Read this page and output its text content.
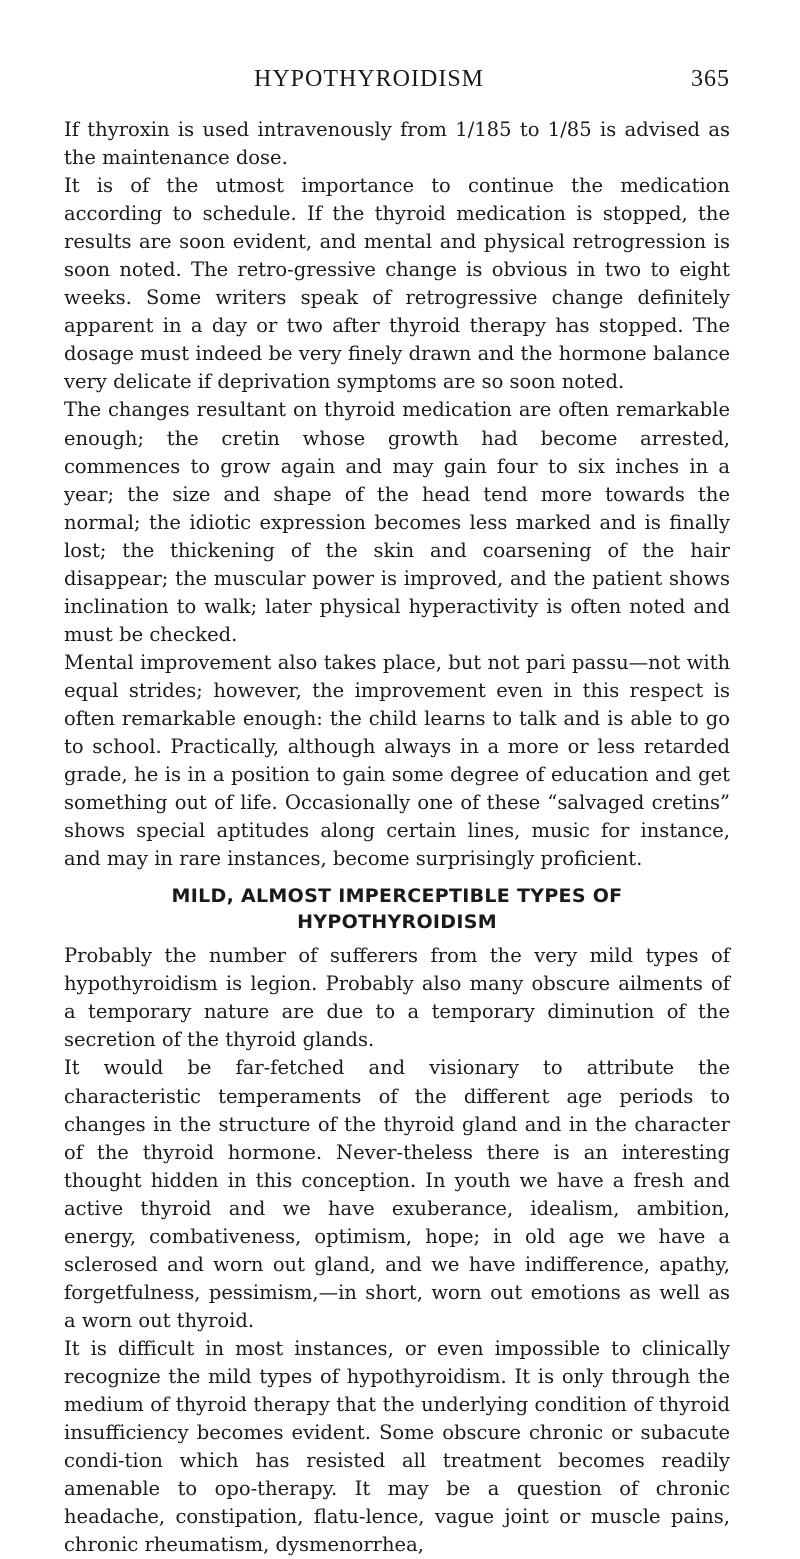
HYPOTHYROIDISM	365

If thyroxin is used intravenously from 1/185 to 1/85 is advised as the maintenance dose.

It is of the utmost importance to continue the medication according to schedule. If the thyroid medication is stopped, the results are soon evident, and mental and physical retrogression is soon noted. The retro-gressive change is obvious in two to eight weeks. Some writers speak of retrogressive change definitely apparent in a day or two after thyroid therapy has stopped. The dosage must indeed be very finely drawn and the hormone balance very delicate if deprivation symptoms are so soon noted.

The changes resultant on thyroid medication are often remarkable enough; the cretin whose growth had become arrested, commences to grow again and may gain four to six inches in a year; the size and shape of the head tend more towards the normal; the idiotic expression becomes less marked and is finally lost; the thickening of the skin and coarsening of the hair disappear; the muscular power is improved, and the patient shows inclination to walk; later physical hyperactivity is often noted and must be checked.

Mental improvement also takes place, but not pari passu—not with equal strides; however, the improvement even in this respect is often remarkable enough: the child learns to talk and is able to go to school. Practically, although always in a more or less retarded grade, he is in a position to gain some degree of education and get something out of life. Occasionally one of these “salvaged cretins” shows special aptitudes along certain lines, music for instance, and may in rare instances, become surprisingly proficient.

MILD, ALMOST IMPERCEPTIBLE TYPES OF
HYPOTHYROIDISM

Probably the number of sufferers from the very mild types of hypothyroidism is legion. Probably also many obscure ailments of a temporary nature are due to a temporary diminution of the secretion of the thyroid glands.

It would be far-fetched and visionary to attribute the characteristic temperaments of the different age periods to changes in the structure of the thyroid gland and in the character of the thyroid hormone. Never-theless there is an interesting thought hidden in this conception. In youth we have a fresh and active thyroid and we have exuberance, idealism, ambition, energy, combativeness, optimism, hope; in old age we have a sclerosed and worn out gland, and we have indifference, apathy, forgetfulness, pessimism,—in short, worn out emotions as well as a worn out thyroid.

It is difficult in most instances, or even impossible to clinically recognize the mild types of hypothyroidism. It is only through the medium of thyroid therapy that the underlying condition of thyroid insufficiency becomes evident. Some obscure chronic or subacute condi-tion which has resisted all treatment becomes readily amenable to opo-therapy. It may be a question of chronic headache, constipation, flatu-lence, vague joint or muscle pains, chronic rheumatism, dysmenorrhea,
